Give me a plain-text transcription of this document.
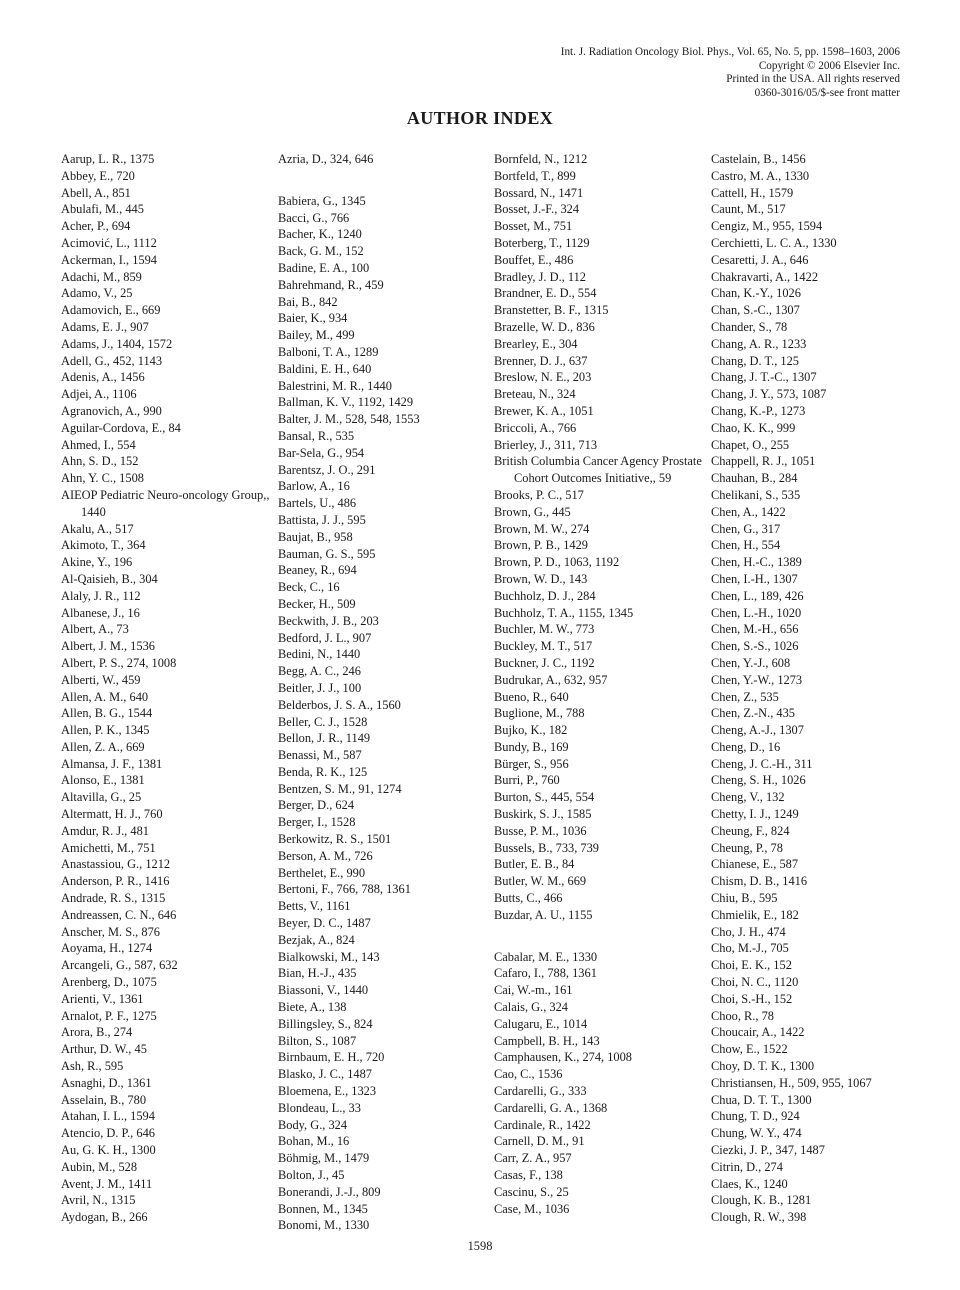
Int. J. Radiation Oncology Biol. Phys., Vol. 65, No. 5, pp. 1598–1603, 2006
Copyright © 2006 Elsevier Inc.
Printed in the USA. All rights reserved
0360-3016/05/$-see front matter
AUTHOR INDEX
Aarup, L. R., 1375
Abbey, E., 720
Abell, A., 851
Abulafi, M., 445
Acher, P., 694
Acimović, L., 1112
Ackerman, I., 1594
Adachi, M., 859
Adamo, V., 25
Adamovich, E., 669
Adams, E. J., 907
Adams, J., 1404, 1572
Adell, G., 452, 1143
Adenis, A., 1456
Adjei, A., 1106
Agranovich, A., 990
Aguilar-Cordova, E., 84
Ahmed, I., 554
Ahn, S. D., 152
Ahn, Y. C., 1508
AIEOP Pediatric Neuro-oncology Group,, 1440
Akalu, A., 517
Akimoto, T., 364
Akine, Y., 196
Al-Qaisieh, B., 304
Alaly, J. R., 112
Albanese, J., 16
Albert, A., 73
Albert, J. M., 1536
Albert, P. S., 274, 1008
Alberti, W., 459
Allen, A. M., 640
Allen, B. G., 1544
Allen, P. K., 1345
Allen, Z. A., 669
Almansa, J. F., 1381
Alonso, E., 1381
Altavilla, G., 25
Altermatt, H. J., 760
Amdur, R. J., 481
Amichetti, M., 751
Anastassiou, G., 1212
Anderson, P. R., 1416
Andrade, R. S., 1315
Andreassen, C. N., 646
Anscher, M. S., 876
Aoyama, H., 1274
Arcangeli, G., 587, 632
Arenberg, D., 1075
Arienti, V., 1361
Arnalot, P. F., 1275
Arora, B., 274
Arthur, D. W., 45
Ash, R., 595
Asnaghi, D., 1361
Asselain, B., 780
Atahan, I. L., 1594
Atencio, D. P., 646
Au, G. K. H., 1300
Aubin, M., 528
Avent, J. M., 1411
Avril, N., 1315
Aydogan, B., 266
Azria, D., 324, 646
Babiera, G., 1345
Bacci, G., 766
Bacher, K., 1240
Back, G. M., 152
Badine, E. A., 100
Bahrehmand, R., 459
Bai, B., 842
Baier, K., 934
Bailey, M., 499
Balboni, T. A., 1289
Baldini, E. H., 640
Balestrini, M. R., 1440
Ballman, K. V., 1192, 1429
Balter, J. M., 528, 548, 1553
Bansal, R., 535
Bar-Sela, G., 954
Barentsz, J. O., 291
Barlow, A., 16
Bartels, U., 486
Battista, J. J., 595
Baujat, B., 958
Bauman, G. S., 595
Beaney, R., 694
Beck, C., 16
Becker, H., 509
Beckwith, J. B., 203
Bedford, J. L., 907
Bedini, N., 1440
Begg, A. C., 246
Beitler, J. J., 100
Belderbos, J. S. A., 1560
Beller, C. J., 1528
Bellon, J. R., 1149
Benassi, M., 587
Benda, R. K., 125
Bentzen, S. M., 91, 1274
Berger, D., 624
Berger, I., 1528
Berkowitz, R. S., 1501
Berson, A. M., 726
Berthelet, E., 990
Bertoni, F., 766, 788, 1361
Betts, V., 1161
Beyer, D. C., 1487
Bezjak, A., 824
Bialkowski, M., 143
Bian, H.-J., 435
Biassoni, V., 1440
Biete, A., 138
Billingsley, S., 824
Bilton, S., 1087
Birnbaum, E. H., 720
Blasko, J. C., 1487
Bloemena, E., 1323
Blondeau, L., 33
Body, G., 324
Bohan, M., 16
Böhmig, M., 1479
Bolton, J., 45
Bonerandi, J.-J., 809
Bonnen, M., 1345
Bonomi, M., 1330
Bornfeld, N., 1212
Bortfeld, T., 899
Bossard, N., 1471
Bosset, J.-F., 324
Bosset, M., 751
Boterberg, T., 1129
Bouffet, E., 486
Bradley, J. D., 112
Brandner, E. D., 554
Branstetter, B. F., 1315
Brazelle, W. D., 836
Brearley, E., 304
Brenner, D. J., 637
Breslow, N. E., 203
Breteau, N., 324
Brewer, K. A., 1051
Briccoli, A., 766
Brierley, J., 311, 713
British Columbia Cancer Agency Prostate Cohort Outcomes Initiative,, 59
Brooks, P. C., 517
Brown, G., 445
Brown, M. W., 274
Brown, P. B., 1429
Brown, P. D., 1063, 1192
Brown, W. D., 143
Buchholz, D. J., 284
Buchholz, T. A., 1155, 1345
Buchler, M. W., 773
Buckley, M. T., 517
Buckner, J. C., 1192
Budrukar, A., 632, 957
Bueno, R., 640
Buglione, M., 788
Bujko, K., 182
Bundy, B., 169
Bürger, S., 956
Burri, P., 760
Burton, S., 445, 554
Buskirk, S. J., 1585
Busse, P. M., 1036
Bussels, B., 733, 739
Butler, E. B., 84
Butler, W. M., 669
Butts, C., 466
Buzdar, A. U., 1155
Cabalar, M. E., 1330
Cafaro, I., 788, 1361
Cai, W.-m., 161
Calais, G., 324
Calugaru, E., 1014
Campbell, B. H., 143
Camphausen, K., 274, 1008
Cao, C., 1536
Cardarelli, G., 333
Cardarelli, G. A., 1368
Cardinale, R., 1422
Carnell, D. M., 91
Carr, Z. A., 957
Casas, F., 138
Cascinu, S., 25
Case, M., 1036
Castelain, B., 1456
Castro, M. A., 1330
Cattell, H., 1579
Caunt, M., 517
Cengiz, M., 955, 1594
Cerchietti, L. C. A., 1330
Cesaretti, J. A., 646
Chakravarti, A., 1422
Chan, K.-Y., 1026
Chan, S.-C., 1307
Chander, S., 78
Chang, A. R., 1233
Chang, D. T., 125
Chang, J. T.-C., 1307
Chang, J. Y., 573, 1087
Chang, K.-P., 1273
Chao, K. K., 999
Chapet, O., 255
Chappell, R. J., 1051
Chauhan, B., 284
Chelikani, S., 535
Chen, A., 1422
Chen, G., 317
Chen, H., 554
Chen, H.-C., 1389
Chen, I.-H., 1307
Chen, L., 189, 426
Chen, L.-H., 1020
Chen, M.-H., 656
Chen, S.-S., 1026
Chen, Y.-J., 608
Chen, Y.-W., 1273
Chen, Z., 535
Chen, Z.-N., 435
Cheng, A.-J., 1307
Cheng, D., 16
Cheng, J. C.-H., 311
Cheng, S. H., 1026
Cheng, V., 132
Chetty, I. J., 1249
Cheung, F., 824
Cheung, P., 78
Chianese, E., 587
Chism, D. B., 1416
Chiu, B., 595
Chmielik, E., 182
Cho, J. H., 474
Cho, M.-J., 705
Choi, E. K., 152
Choi, N. C., 1120
Choi, S.-H., 152
Choo, R., 78
Choucair, A., 1422
Chow, E., 1522
Choy, D. T. K., 1300
Christiansen, H., 509, 955, 1067
Chua, D. T. T., 1300
Chung, T. D., 924
Chung, W. Y., 474
Ciezki, J. P., 347, 1487
Citrin, D., 274
Claes, K., 1240
Clough, K. B., 1281
Clough, R. W., 398
1598
